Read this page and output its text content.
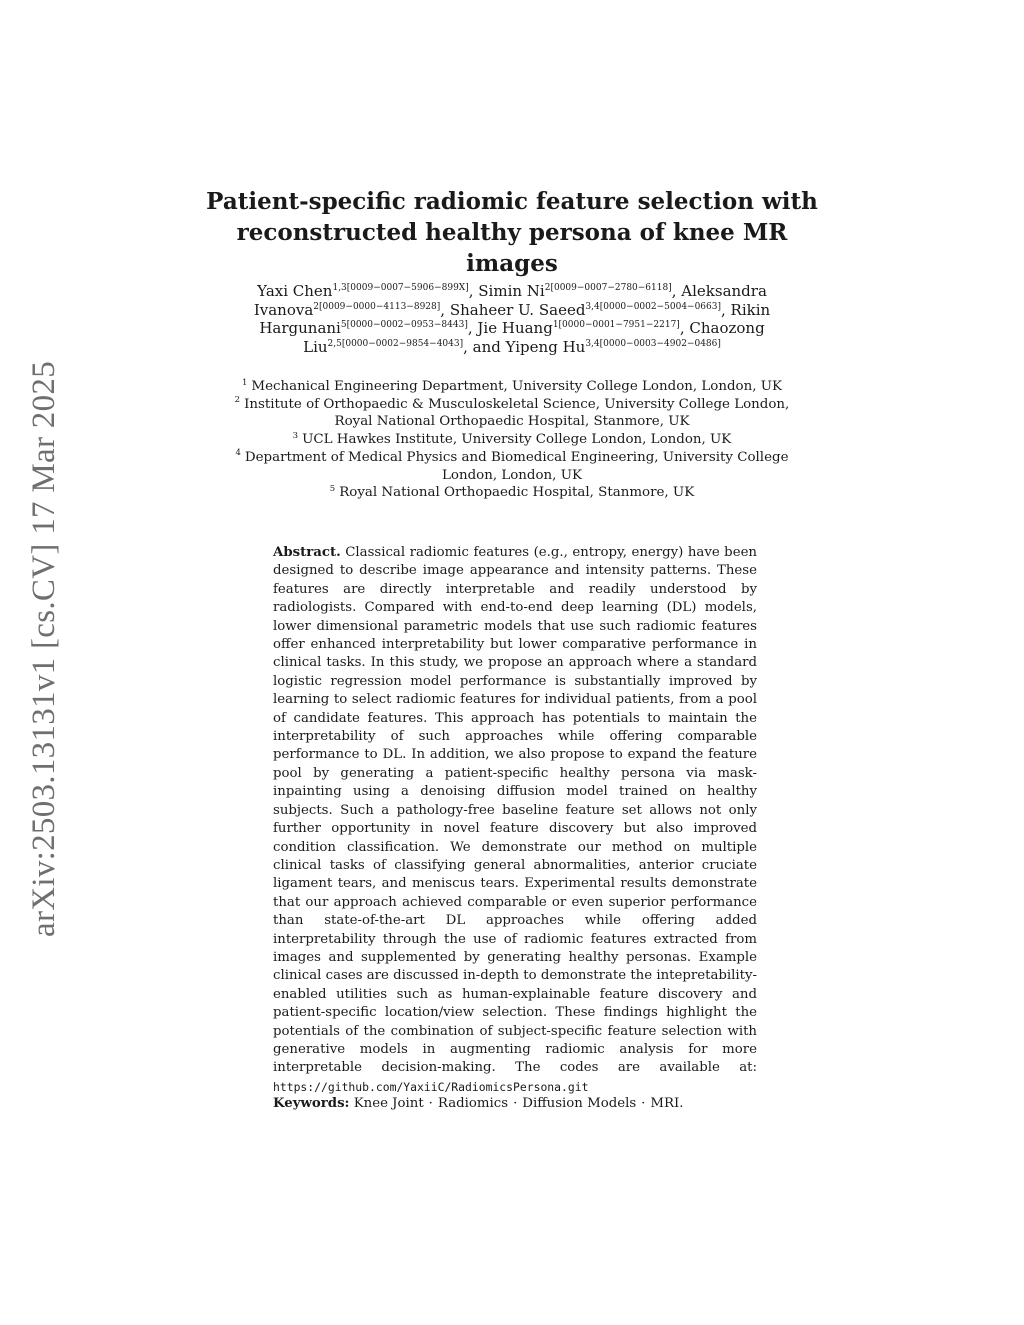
arXiv:2503.13131v1 [cs.CV] 17 Mar 2025
Patient-specific radiomic feature selection with reconstructed healthy persona of knee MR images
Yaxi Chen$^{1,3[0009-0007-5906-899X]}$, Simin $Ni^{2[0009-0007-2780-6118]}$, Aleksandra Ivanova$^{2[0009-0000-4113-8928]}$, Shaheer U. Saeed$^{3,4[0000-0002-5004-0663]}$, Rikin Hargunani$^{5[0000-0002-0953-8443]}$, Jie Huang$^{1[0000-0001-7951-2217]}$, Chaozong Liu$^{2,5[0000-0002-9854-4043]}$, and Yipeng $Hu^{3,4[0000-0003-4902-0486]}$

$^1$ Mechanical Engineering Department, University College London, London, UK

$^2$ Institute of Orthopaedic & Musculoskeletal Science, University College London, Royal National Orthopaedic Hospital, Stanmore, UK

$^3$ UCL Hawkes Institute, University College London, London, UK

$^4$ Department of Medical Physics and Biomedical Engineering, University College London, London, UK

$^5$ Royal National Orthopaedic Hospital, Stanmore, UK

Abstract. Classical radiomic features (e.g., entropy, energy) have been designed to describe image appearance and intensity patterns. These features are directly interpretable and readily understood by radiologists. Compared with end-to-end deep learning (DL) models, lower dimensional parametric models that use such radiomic features offer enhanced interpretability but lower comparative performance in clinical tasks. In this study, we propose an approach where a standard logistic regression model performance is substantially improved by learning to select radiomic features for individual patients, from a pool of candidate features. This approach has potentials to maintain the interpretability of such approaches while offering comparable performance to DL. In addition, we also propose to expand the feature pool by generating a patient-specific healthy persona via mask-inpainting using a denoising diffusion model trained on healthy subjects. Such a pathology-free baseline feature set allows not only further opportunity in novel feature discovery but also improved condition classification. We demonstrate our method on multiple clinical tasks of classifying general abnormalities, anterior cruciate ligament tears, and meniscus tears. Experimental results demonstrate that our approach achieved comparable or even superior performance than state-of-the-art DL approaches while offering added interpretability through the use of radiomic features extracted from images and supplemented by generating healthy personas. Example clinical cases are discussed in-depth to demonstrate the intepretability-enabled utilities such as human-explainable feature discovery and patient-specific location/view selection. These findings highlight the potentials of the combination of subject-specific feature selection with generative models in augmenting radiomic analysis for more interpretable decision-making. The codes are available at: https://github.com/YaxiiC/RadiomicsPersona.git
Keywords: Knee Joint · Radiomics · Diffusion Models · MRI.
